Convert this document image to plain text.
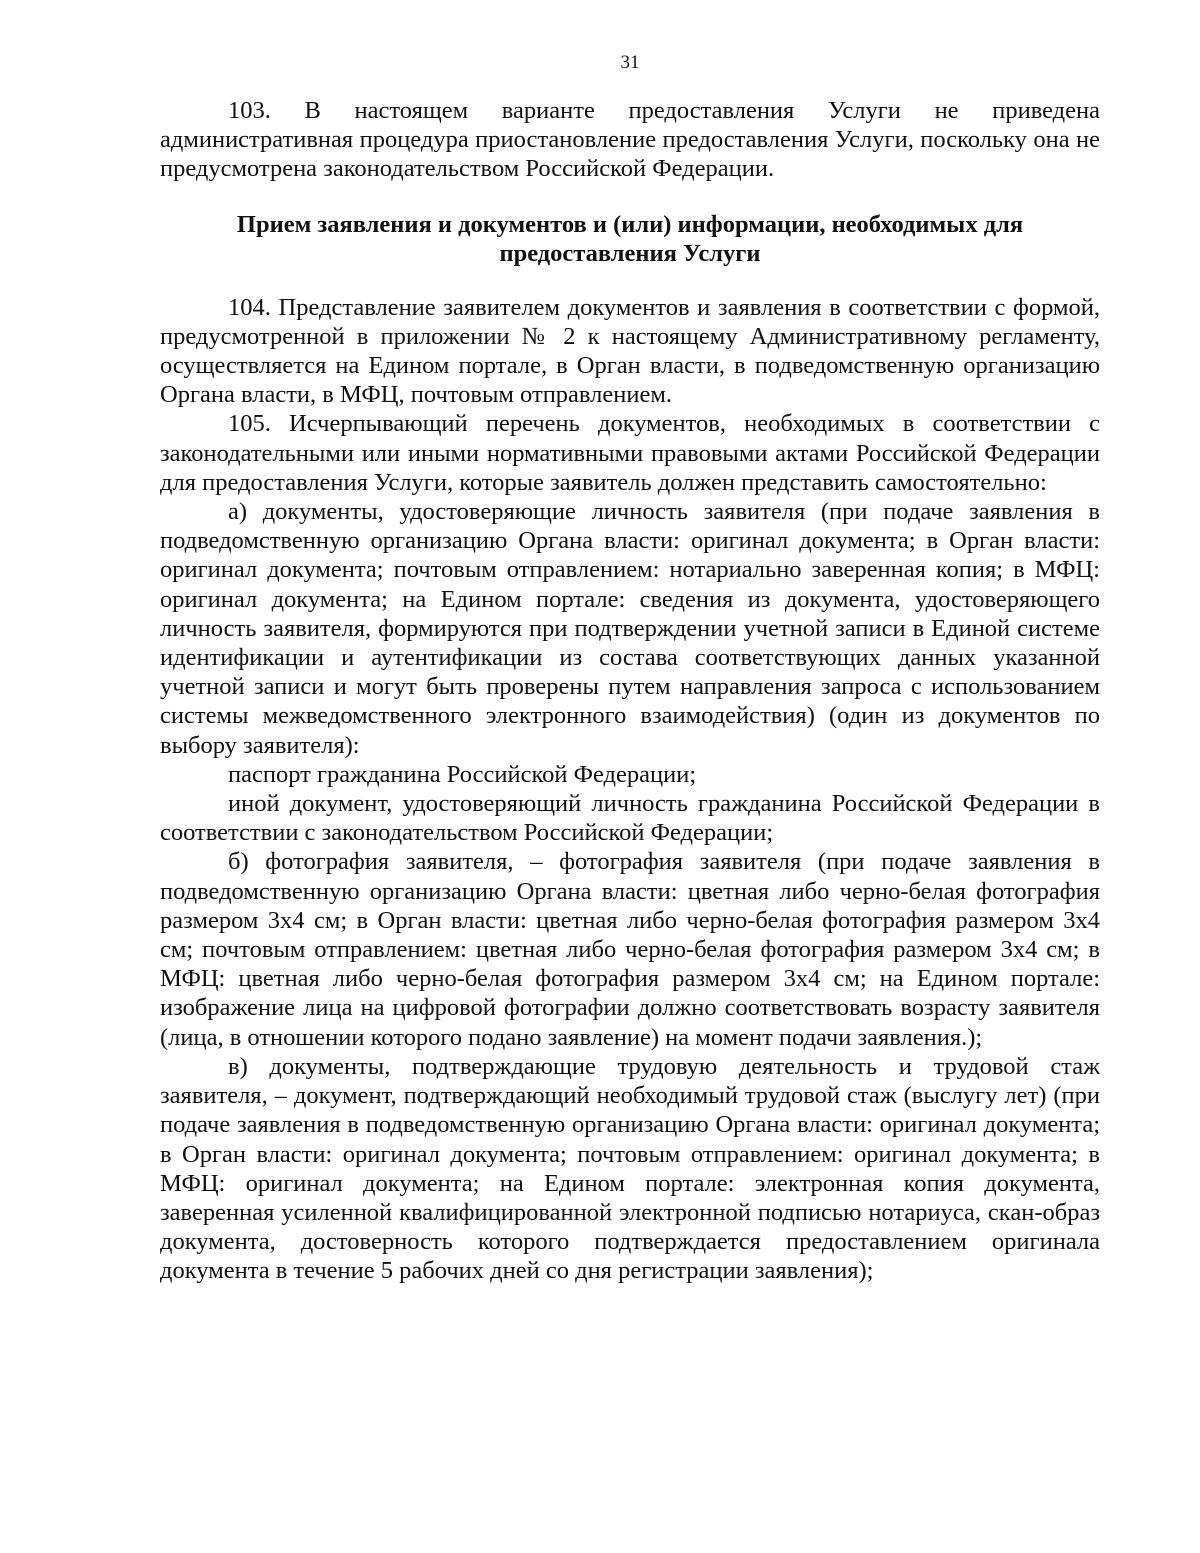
31

103. В настоящем варианте предоставления Услуги не приведена административная процедура приостановление предоставления Услуги, поскольку она не предусмотрена законодательством Российской Федерации.

Прием заявления и документов и (или) информации, необходимых для предоставления Услуги

104. Представление заявителем документов и заявления в соответствии с формой, предусмотренной в приложении № 2 к настоящему Административному регламенту, осуществляется на Едином портале, в Орган власти, в подведомственную организацию Органа власти, в МФЦ, почтовым отправлением.

105. Исчерпывающий перечень документов, необходимых в соответствии с законодательными или иными нормативными правовыми актами Российской Федерации для предоставления Услуги, которые заявитель должен представить самостоятельно:

а) документы, удостоверяющие личность заявителя (при подаче заявления в подведомственную организацию Органа власти: оригинал документа; в Орган власти: оригинал документа; почтовым отправлением: нотариально заверенная копия; в МФЦ: оригинал документа; на Едином портале: сведения из документа, удостоверяющего личность заявителя, формируются при подтверждении учетной записи в Единой системе идентификации и аутентификации из состава соответствующих данных указанной учетной записи и могут быть проверены путем направления запроса с использованием системы межведомственного электронного взаимодействия) (один из документов по выбору заявителя):

паспорт гражданина Российской Федерации;

иной документ, удостоверяющий личность гражданина Российской Федерации в соответствии с законодательством Российской Федерации;

б) фотография заявителя, – фотография заявителя (при подаче заявления в подведомственную организацию Органа власти: цветная либо черно-белая фотография размером 3х4 см; в Орган власти: цветная либо черно-белая фотография размером 3х4 см; почтовым отправлением: цветная либо черно-белая фотография размером 3х4 см; в МФЦ: цветная либо черно-белая фотография размером 3х4 см; на Едином портале: изображение лица на цифровой фотографии должно соответствовать возрасту заявителя (лица, в отношении которого подано заявление) на момент подачи заявления.);

в) документы, подтверждающие трудовую деятельность и трудовой стаж заявителя, – документ, подтверждающий необходимый трудовой стаж (выслугу лет) (при подаче заявления в подведомственную организацию Органа власти: оригинал документа; в Орган власти: оригинал документа; почтовым отправлением: оригинал документа; в МФЦ: оригинал документа; на Едином портале: электронная копия документа, заверенная усиленной квалифицированной электронной подписью нотариуса, скан-образ документа, достоверность которого подтверждается предоставлением оригинала документа в течение 5 рабочих дней со дня регистрации заявления);
